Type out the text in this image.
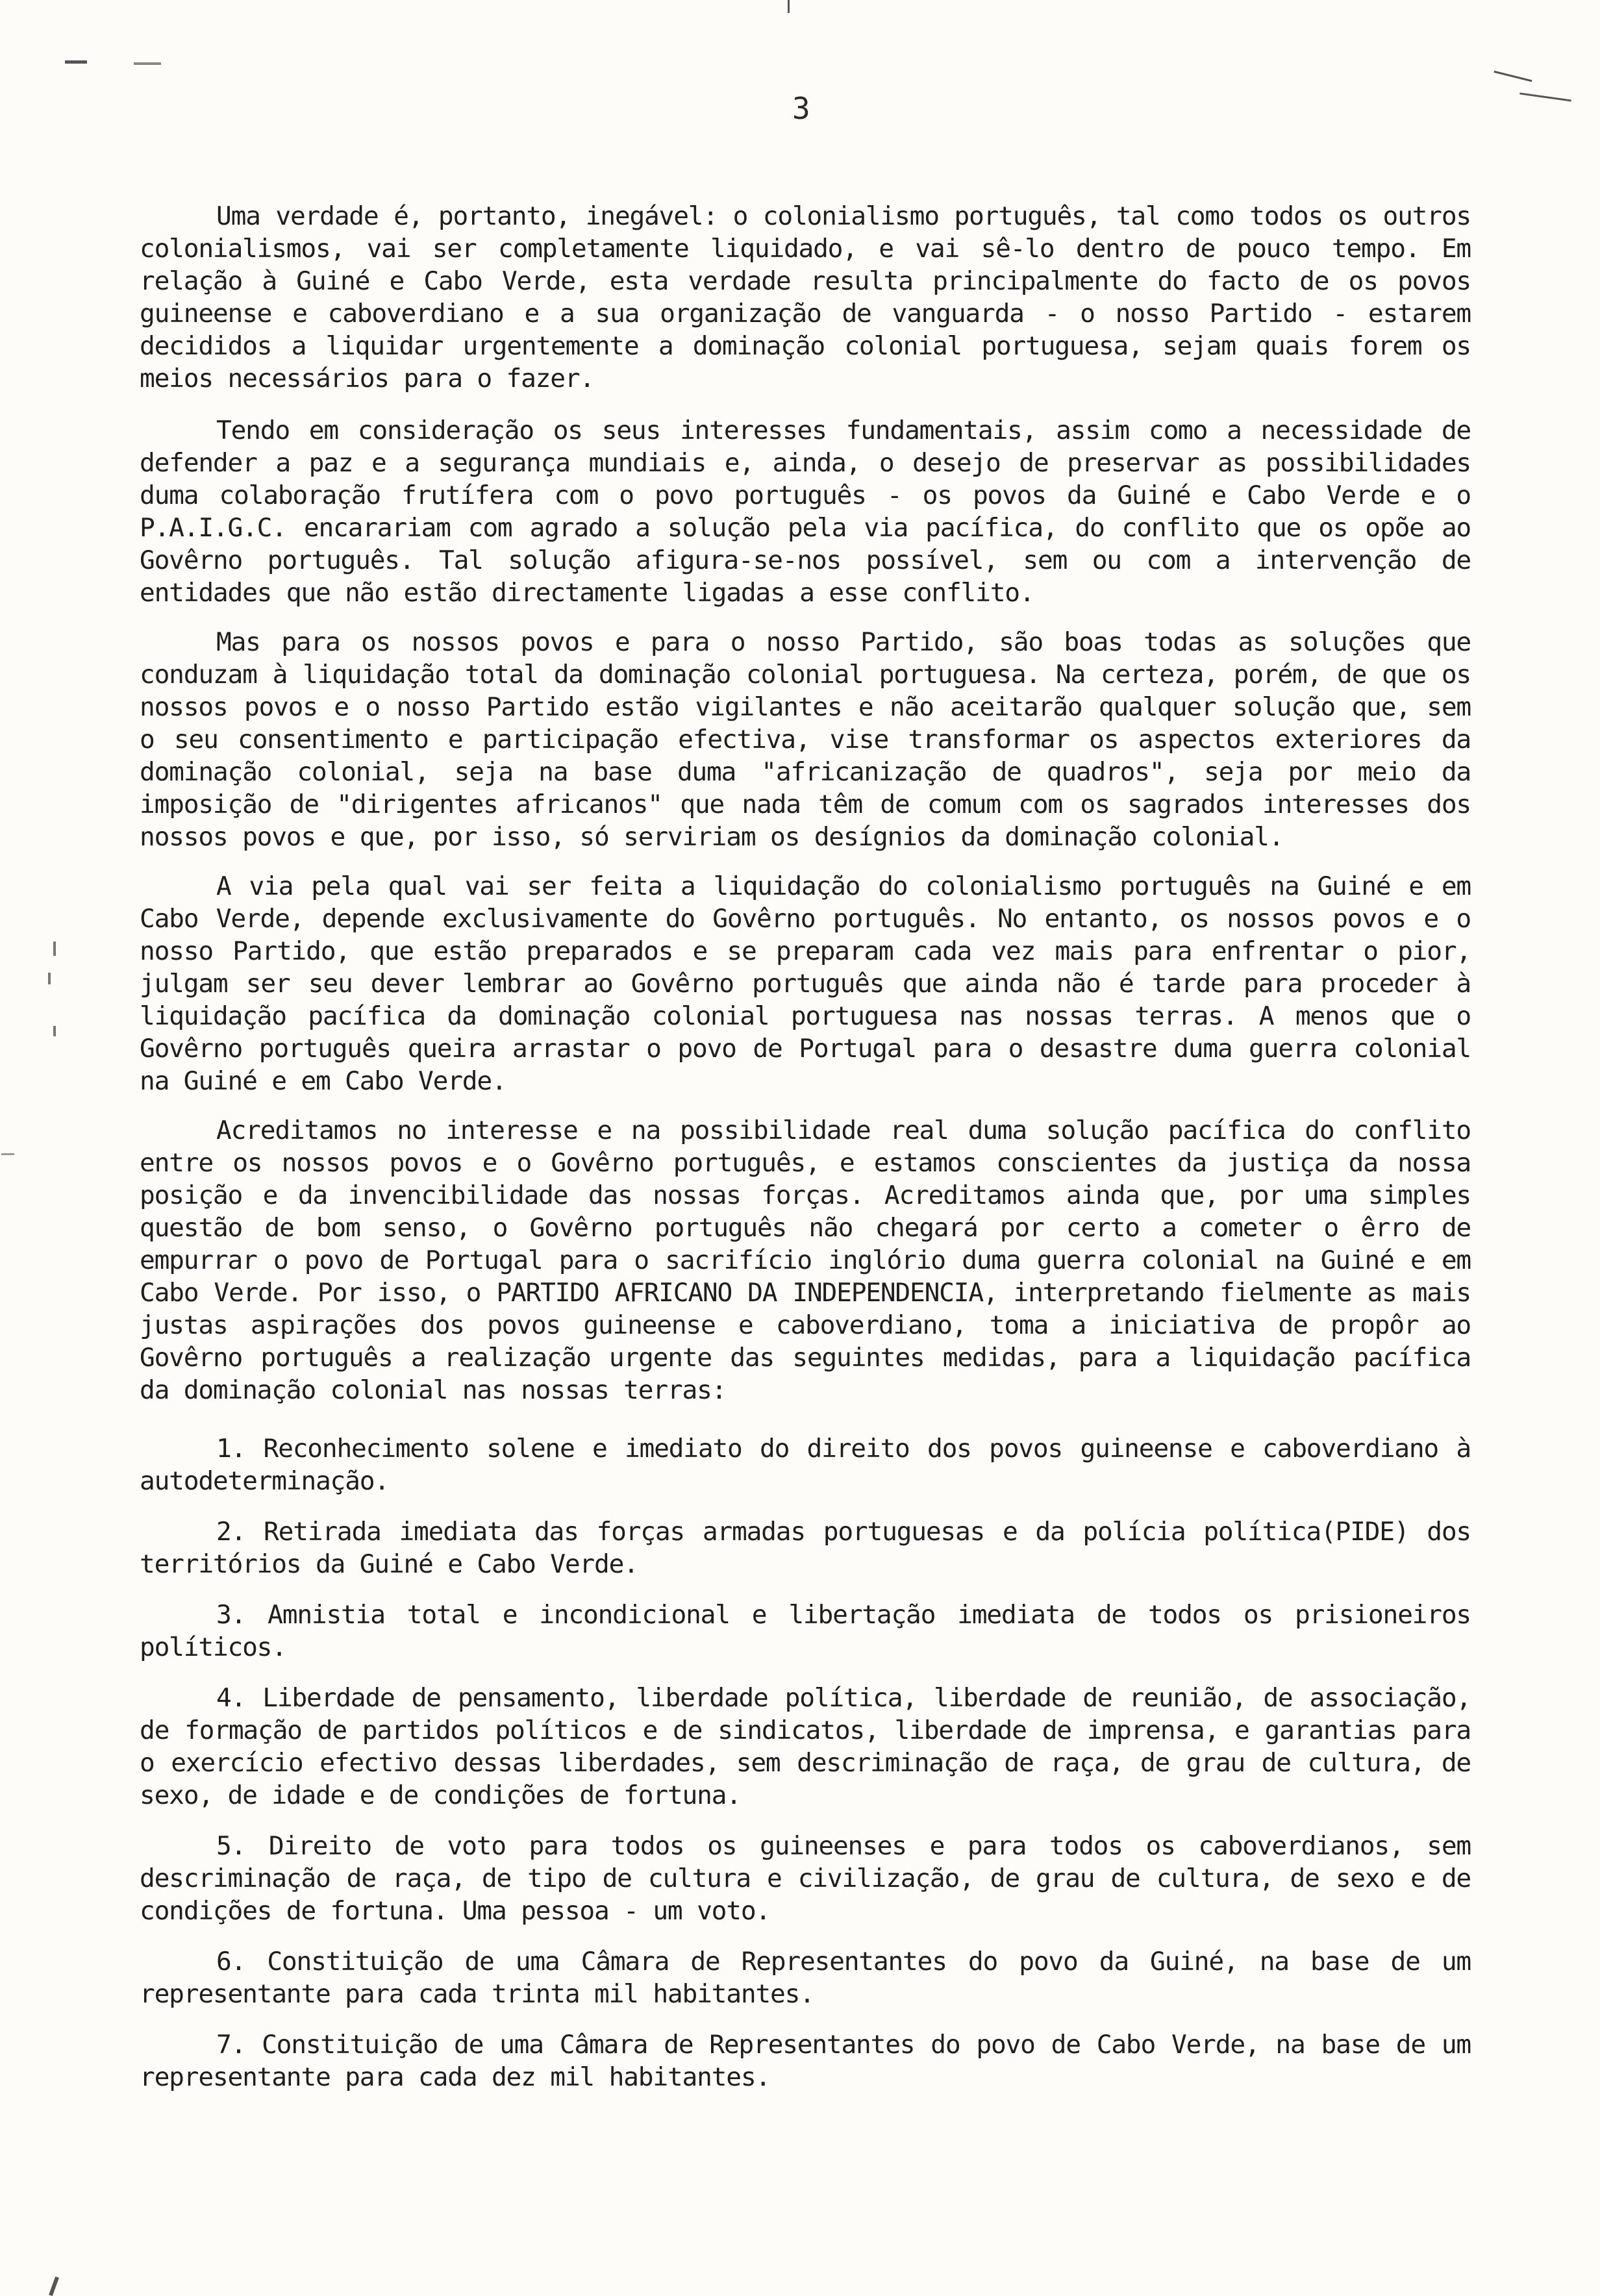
3

Uma verdade é, portanto, inegável: o colonialismo português, tal como todos os outros colonialismos, vai ser completamente liquidado, e vai sê-lo dentro de pouco tempo. Em relação à Guiné e Cabo Verde, esta verdade resulta principalmente do facto de os povos guineense e caboverdiano e a sua organização de vanguarda - o nosso Partido - estarem decididos a liquidar urgentemente a dominação colonial portuguesa, sejam quais forem os meios necessários para o fazer.

Tendo em consideração os seus interesses fundamentais, assim como a necessidade de defender a paz e a segurança mundiais e, ainda, o desejo de preservar as possibilidades duma colaboração frutífera com o povo português - os povos da Guiné e Cabo Verde e o P.A.I.G.C. encarariam com agrado a solução pela via pacífica, do conflito que os opõe ao Govêrno português. Tal solução afigura-se-nos possível, sem ou com a intervenção de entidades que não estão directamente ligadas a esse conflito.

Mas para os nossos povos e para o nosso Partido, são boas todas as soluções que conduzam à liquidação total da dominação colonial portuguesa. Na certeza, porém, de que os nossos povos e o nosso Partido estão vigilantes e não aceitarão qualquer solução que, sem o seu consentimento e participação efectiva, vise transformar os aspectos exteriores da dominação colonial, seja na base duma "africanização de quadros", seja por meio da imposição de "dirigentes africanos" que nada têm de comum com os sagrados interesses dos nossos povos e que, por isso, só serviriam os desígnios da dominação colonial.

A via pela qual vai ser feita a liquidação do colonialismo português na Guiné e em Cabo Verde, depende exclusivamente do Govêrno português. No entanto, os nossos povos e o nosso Partido, que estão preparados e se preparam cada vez mais para enfrentar o pior, julgam ser seu dever lembrar ao Govêrno português que ainda não é tarde para proceder à liquidação pacífica da dominação colonial portuguesa nas nossas terras. A menos que o Govêrno português queira arrastar o povo de Portugal para o desastre duma guerra colonial na Guiné e em Cabo Verde.

Acreditamos no interesse e na possibilidade real duma solução pacífica do conflito entre os nossos povos e o Govêrno português, e estamos conscientes da justiça da nossa posição e da invencibilidade das nossas forças. Acreditamos ainda que, por uma simples questão de bom senso, o Govêrno português não chegará por certo a cometer o êrro de empurrar o povo de Portugal para o sacrifício inglório duma guerra colonial na Guiné e em Cabo Verde. Por isso, o PARTIDO AFRICANO DA INDEPENDENCIA, interpretando fielmente as mais justas aspirações dos povos guineense e caboverdiano, toma a iniciativa de propôr ao Govêrno português a realização urgente das seguintes medidas, para a liquidação pacífica da dominação colonial nas nossas terras:

1. Reconhecimento solene e imediato do direito dos povos guineense e caboverdiano à autodeterminação.

2. Retirada imediata das forças armadas portuguesas e da polícia política(PIDE) dos territórios da Guiné e Cabo Verde.

3. Amnistia total e incondicional e libertação imediata de todos os prisioneiros políticos.

4. Liberdade de pensamento, liberdade política, liberdade de reunião, de associação, de formação de partidos políticos e de sindicatos, liberdade de imprensa, e garantias para o exercício efectivo dessas liberdades, sem descriminação de raça, de grau de cultura, de sexo, de idade e de condições de fortuna.

5. Direito de voto para todos os guineenses e para todos os caboverdianos, sem descriminação de raça, de tipo de cultura e civilização, de grau de cultura, de sexo e de condições de fortuna. Uma pessoa - um voto.

6. Constituição de uma Câmara de Representantes do povo da Guiné, na base de um representante para cada trinta mil habitantes.

7. Constituição de uma Câmara de Representantes do povo de Cabo Verde, na base de um representante para cada dez mil habitantes.
